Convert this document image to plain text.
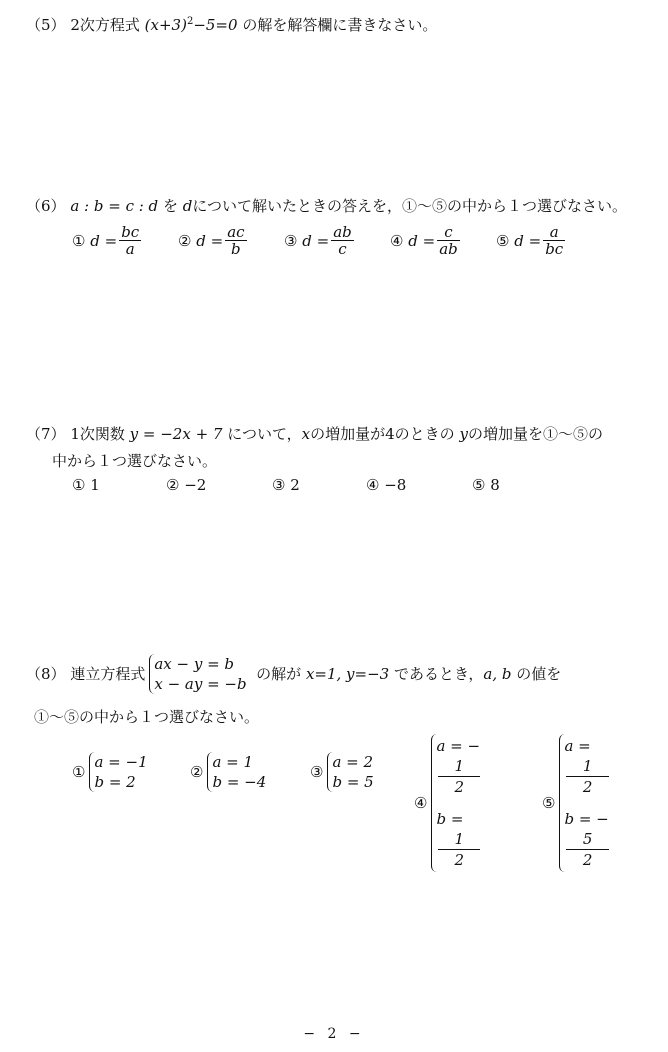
（5） 2次方程式 $(x+3)^2-5=0$ の解を解答欄に書きなさい。
（6） a : b = c : d を dについて解いたときの答えを，①～⑤の中から１つ選びなさい。
①
$d = \frac{bc}{a}$ ②
$d = \frac{ac}{b}$ ③
$d = \frac{ab}{c}$ ④
$d = \frac{c}{ab}$ ⑤
$d = \frac{a}{bc}$
（7） 1次関数 y = −2x + 7 について，xの増加量が4のときの yの増加量を①～⑤の
中から１つ選びなさい。
① 1	② −2	③ 2	④ −8	⑤ 8
（8）
連立方程式
ax − y = b
x − ay = −b

の解が
x=1, y=−3
であるとき， a, b
の値を
①～⑤の中から１つ選びなさい。
①
a = −1
b = 2
②
a = 1
b = −4
③
a = 2
b = 5
④
a = −
1
2
b =
1
2
⑤
a =
1
2
b = −
5
2
− 2 −
